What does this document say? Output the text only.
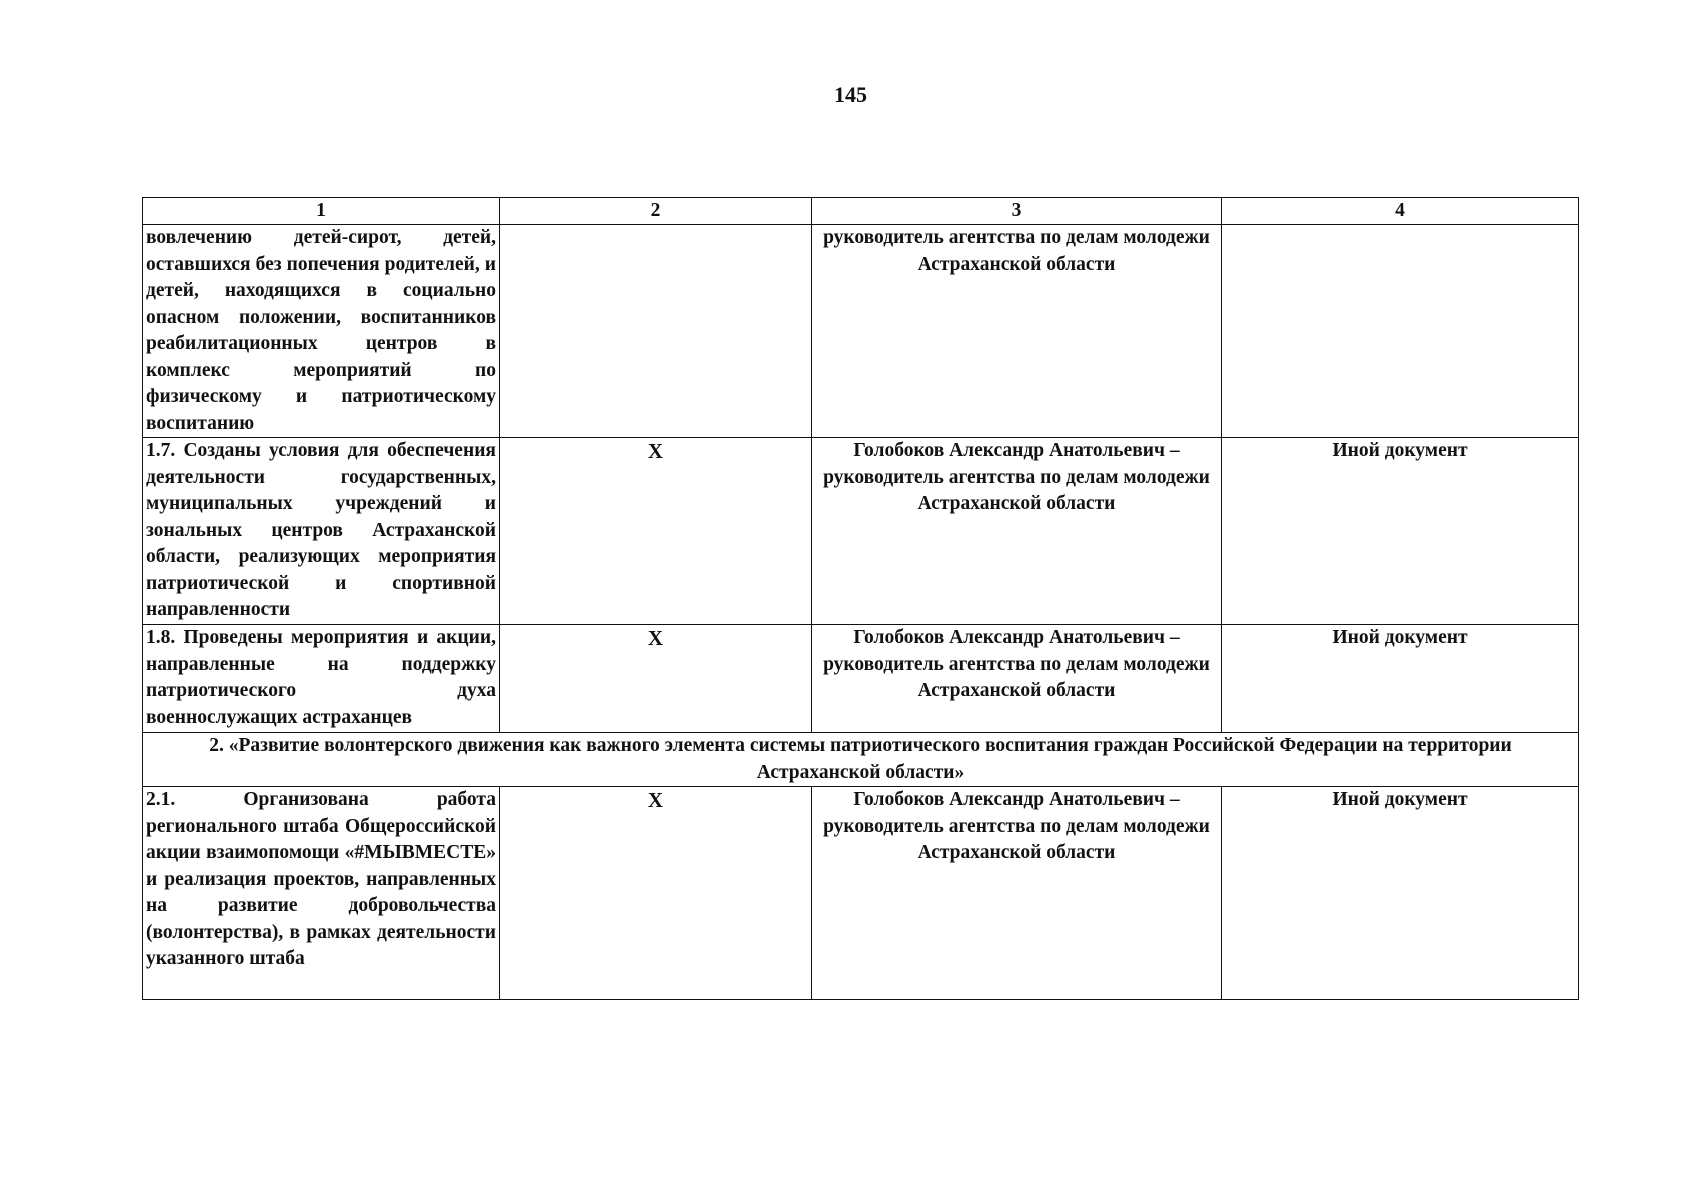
145
1	2	3	4
вовлечению детей-сирот, детей, оставшихся без попечения родителей, и детей, находящихся в социально опасном положении, воспитанников реабилитационных центров в комплекс мероприятий по физическому и патриотическому воспитанию		руководитель агентства по делам молодежи Астраханской области	
1.7. Созданы условия для обеспечения деятельности государственных, муниципальных учреждений и зональных центров Астраханской области, реализующих мероприятия патриотической и спортивной направленности	Х	Голобоков Александр Анатольевич – руководитель агентства по делам молодежи Астраханской области	Иной документ
1.8. Проведены мероприятия и акции, направленные на поддержку патриотического духа военнослужащих астраханцев	Х	Голобоков Александр Анатольевич – руководитель агентства по делам молодежи Астраханской области	Иной документ
2. «Развитие волонтерского движения как важного элемента системы патриотического воспитания граждан Российской Федерации на территории Астраханской области»			
2.1. Организована работа регионального штаба Общероссийской акции взаимопомощи «#МЫВМЕСТЕ» и реализация проектов, направленных на развитие добровольчества (волонтерства), в рамках деятельности указанного штаба	Х	Голобоков Александр Анатольевич – руководитель агентства по делам молодежи Астраханской области	Иной документ
